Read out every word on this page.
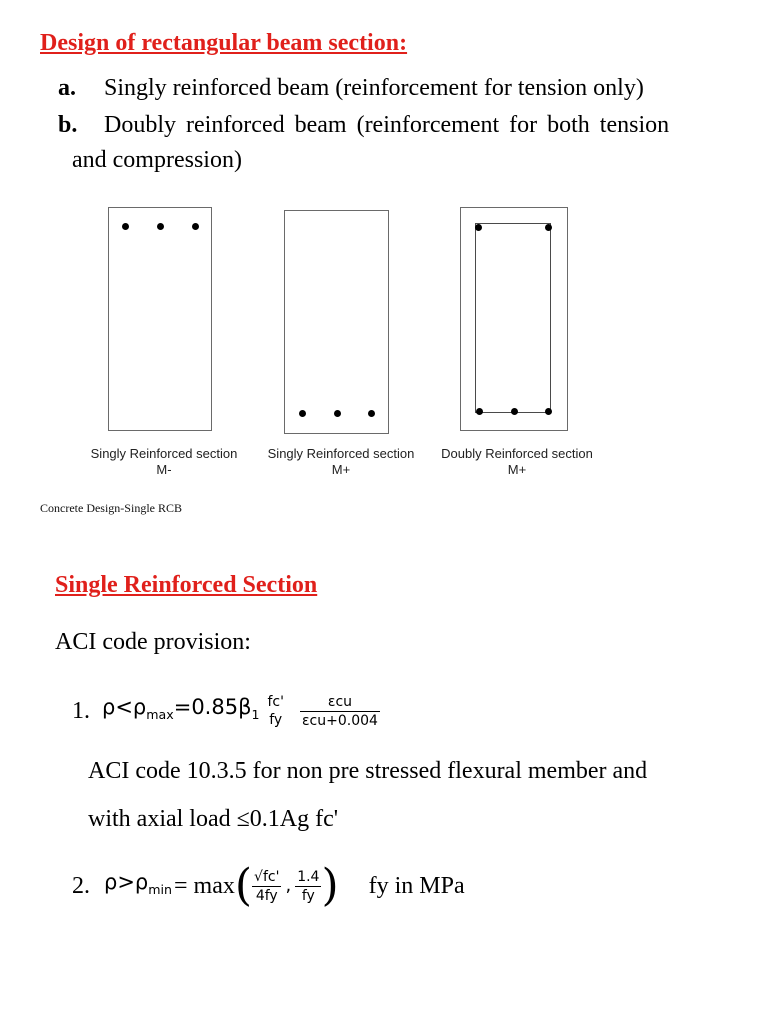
Design of rectangular beam section:
a. Singly reinforced beam (reinforcement for tension only)
b. Doubly reinforced beam (reinforcement for both tension
and compression)
Singly Reinforced section
M-
Singly Reinforced section
M+
Doubly Reinforced section
M+
Concrete Design-Single RCB
Single Reinforced Section
ACI code provision:
1. $\rho<\rho_{max}=0.85\beta_1$
fc'
fy $\frac{\text{εcu}}{\text{εcu+0.004}}$
ACI code 10.3.5 for non pre stressed flexural member and
with axial load ≤0.1Ag fc'
2. $\rho>\rho_{min} = \max$ ( $\frac{√fc'}{4fy}$ , $\frac{1.4}{fy}$ ) fy in MPa
